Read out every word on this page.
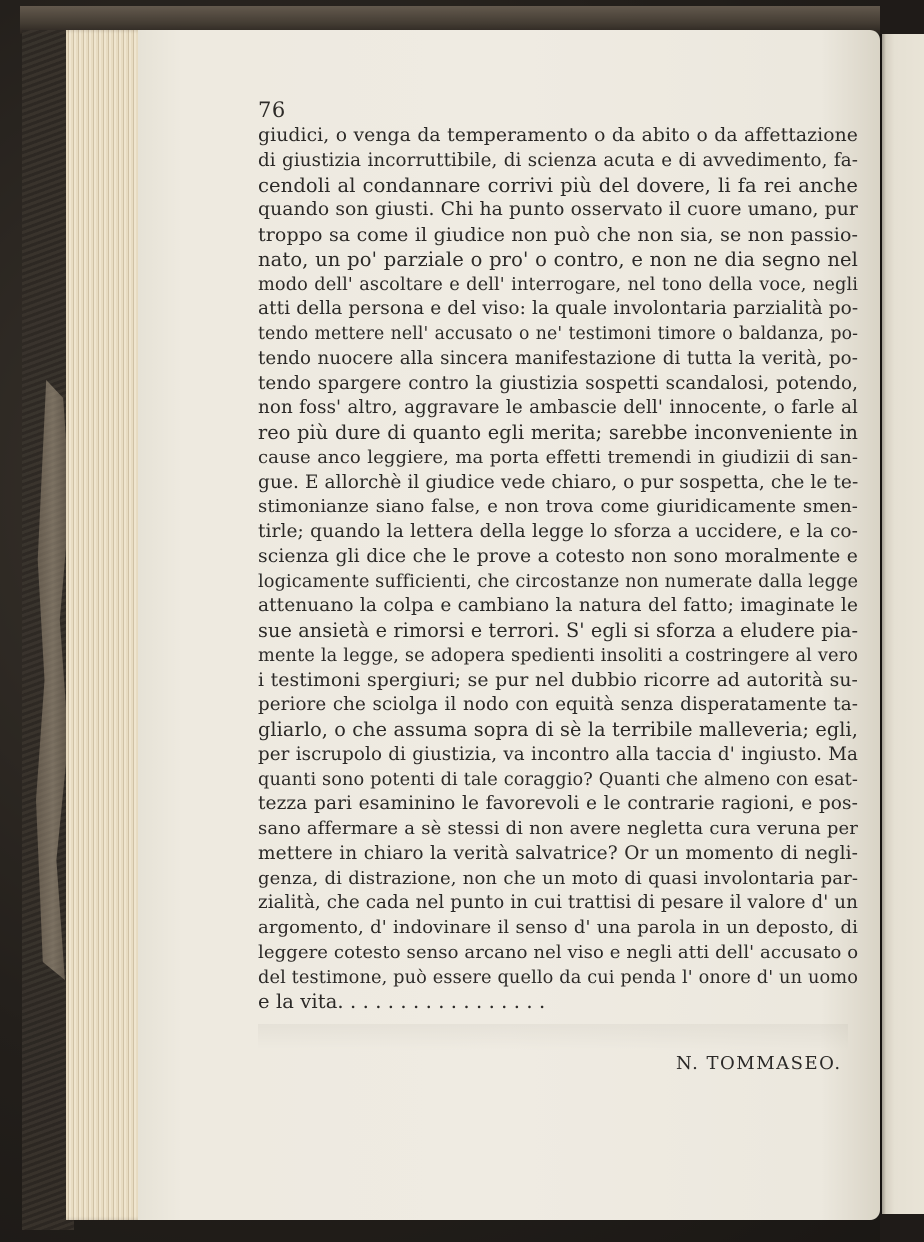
76
giudici, o venga da temperamento o da abito o da affettazione
di giustizia incorruttibile, di scienza acuta e di avvedimento, fa-
cendoli al condannare corrivi più del dovere, li fa rei anche
quando son giusti. Chi ha punto osservato il cuore umano, pur
troppo sa come il giudice non può che non sia, se non passio-
nato, un po' parziale o pro' o contro, e non ne dia segno nel
modo dell' ascoltare e dell' interrogare, nel tono della voce, negli
atti della persona e del viso: la quale involontaria parzialità po-
tendo mettere nell' accusato o ne' testimoni timore o baldanza, po-
tendo nuocere alla sincera manifestazione di tutta la verità, po-
tendo spargere contro la giustizia sospetti scandalosi, potendo,
non foss' altro, aggravare le ambascie dell' innocente, o farle al
reo più dure di quanto egli merita; sarebbe inconveniente in
cause anco leggiere, ma porta effetti tremendi in giudizii di san-
gue. E allorchè il giudice vede chiaro, o pur sospetta, che le te-
stimonianze siano false, e non trova come giuridicamente smen-
tirle; quando la lettera della legge lo sforza a uccidere, e la co-
scienza gli dice che le prove a cotesto non sono moralmente e
logicamente sufficienti, che circostanze non numerate dalla legge
attenuano la colpa e cambiano la natura del fatto; imaginate le
sue ansietà e rimorsi e terrori. S' egli si sforza a eludere pia-
mente la legge, se adopera spedienti insoliti a costringere al vero
i testimoni spergiuri; se pur nel dubbio ricorre ad autorità su-
periore che sciolga il nodo con equità senza disperatamente ta-
gliarlo, o che assuma sopra di sè la terribile malleveria; egli,
per iscrupolo di giustizia, va incontro alla taccia d' ingiusto. Ma
quanti sono potenti di tale coraggio? Quanti che almeno con esat-
tezza pari esaminino le favorevoli e le contrarie ragioni, e pos-
sano affermare a sè stessi di non avere negletta cura veruna per
mettere in chiaro la verità salvatrice? Or un momento di negli-
genza, di distrazione, non che un moto di quasi involontaria par-
zialità, che cada nel punto in cui trattisi di pesare il valore d' un
argomento, d' indovinare il senso d' una parola in un deposto, di
leggere cotesto senso arcano nel viso e negli atti dell' accusato o
del testimone, può essere quello da cui penda l' onore d' un uomo
e la vita. . . . . . . . . . . . . . . . .
N. TOMMASEO.
